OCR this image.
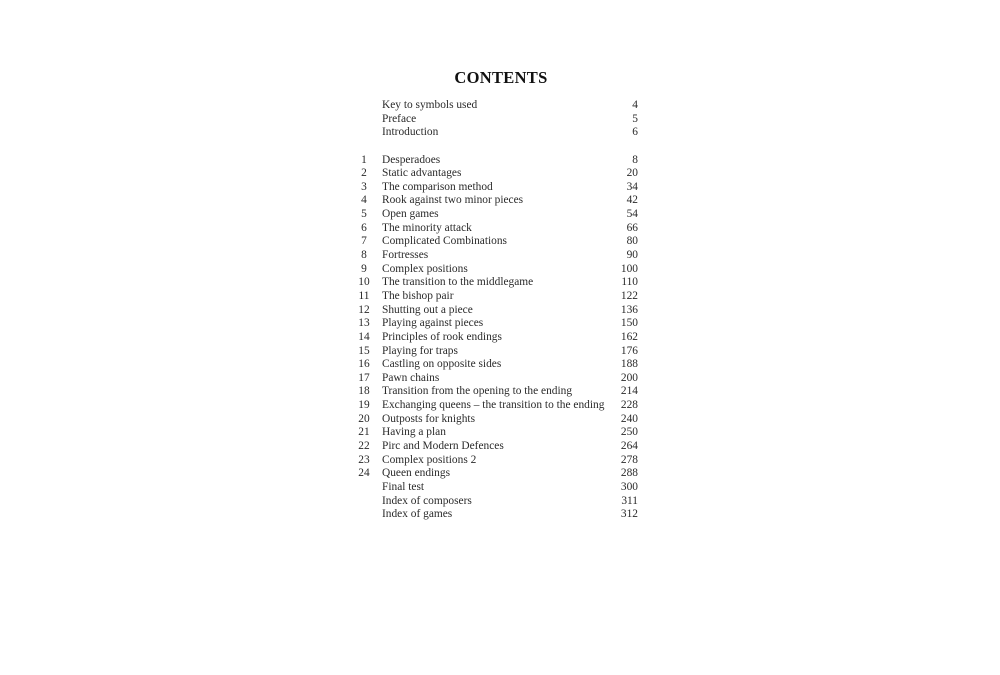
CONTENTS
Key to symbols used	4
Preface	5
Introduction	6
1	Desperadoes	8
2	Static advantages	20
3	The comparison method	34
4	Rook against two minor pieces	42
5	Open games	54
6	The minority attack	66
7	Complicated Combinations	80
8	Fortresses	90
9	Complex positions	100
10	The transition to the middlegame	110
11	The bishop pair	122
12	Shutting out a piece	136
13	Playing against pieces	150
14	Principles of rook endings	162
15	Playing for traps	176
16	Castling on opposite sides	188
17	Pawn chains	200
18	Transition from the opening to the ending	214
19	Exchanging queens – the transition to the ending 228
20	Outposts for knights	240
21	Having a plan	250
22	Pirc and Modern Defences	264
23	Complex positions 2	278
24	Queen endings	288
Final test	300
Index of composers	311
Index of games	312
